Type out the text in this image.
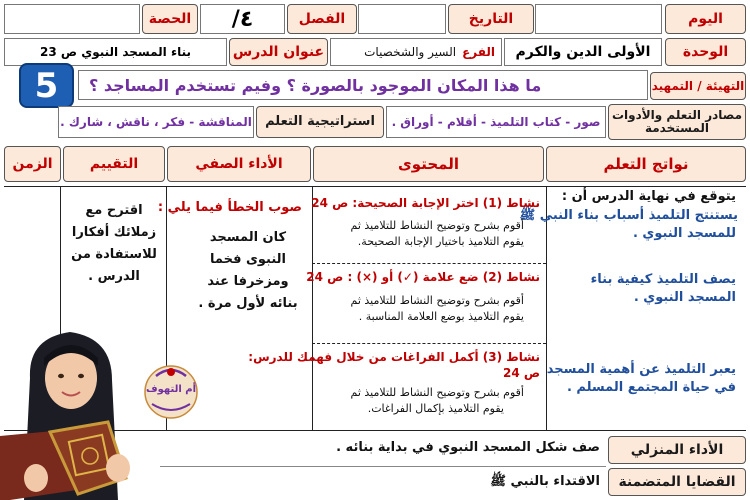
اليوم
التاريخ
الفصل
٤/
الحصة
الوحدة
الأولى الدين والكرم
الفرع
السير والشخصيات
عنوان الدرس
بناء المسجد النبوي ص 23
5	التهيئة / التمهيد
ما هذا المكان الموجود بالصورة ؟ وفيم تستخدم المساجد ؟
مصادر التعلم والأدوات المستخدمة
صور - كتاب التلميذ - أقلام - أوراق .
استراتيجية التعلم
المناقشة - فكر ، ناقش ، شارك .
نواتج التعلم
المحتوى
الأداء الصفي
التقييم
الزمن
يتوقع في نهاية الدرس أن :
يستنتج التلميذ أسباب بناء النبي ﷺ
للمسجد النبوي .
يصف التلميذ كيفية بناء
المسجد النبوي .
يعبر التلميذ عن أهمية المسجد
في حياة المجتمع المسلم .
نشاط (1) اختر الإجابة الصحيحة: ص 24
أقوم بشرح وتوضيح النشاط للتلاميذ ثم
يقوم التلاميذ باختيار الإجابة الصحيحة.
نشاط (2) ضع علامة (✓) أو (×) : ص 24
أقوم بشرح وتوضيح النشاط للتلاميذ ثم
يقوم التلاميذ بوضع العلامة المناسبة .
نشاط (3) أكمل الفراغات من خلال فهمك للدرس:
ص 24
أقوم بشرح وتوضيح النشاط للتلاميذ ثم
يقوم التلاميذ بإكمال الفراغات.
صوب الخطأ فيما يلي :
كان المسجد
النبوى فخما
ومزخرفا عند
بنائه لأول مرة .
اقترح مع
زملائك أفكارا
للاستفادة من
الدرس .
أم التهوف
الأداء المنزلي
صف شكل المسجد النبوي في بداية بنائه .
القضايا المتضمنة
الاقتداء بالنبي ﷺ
